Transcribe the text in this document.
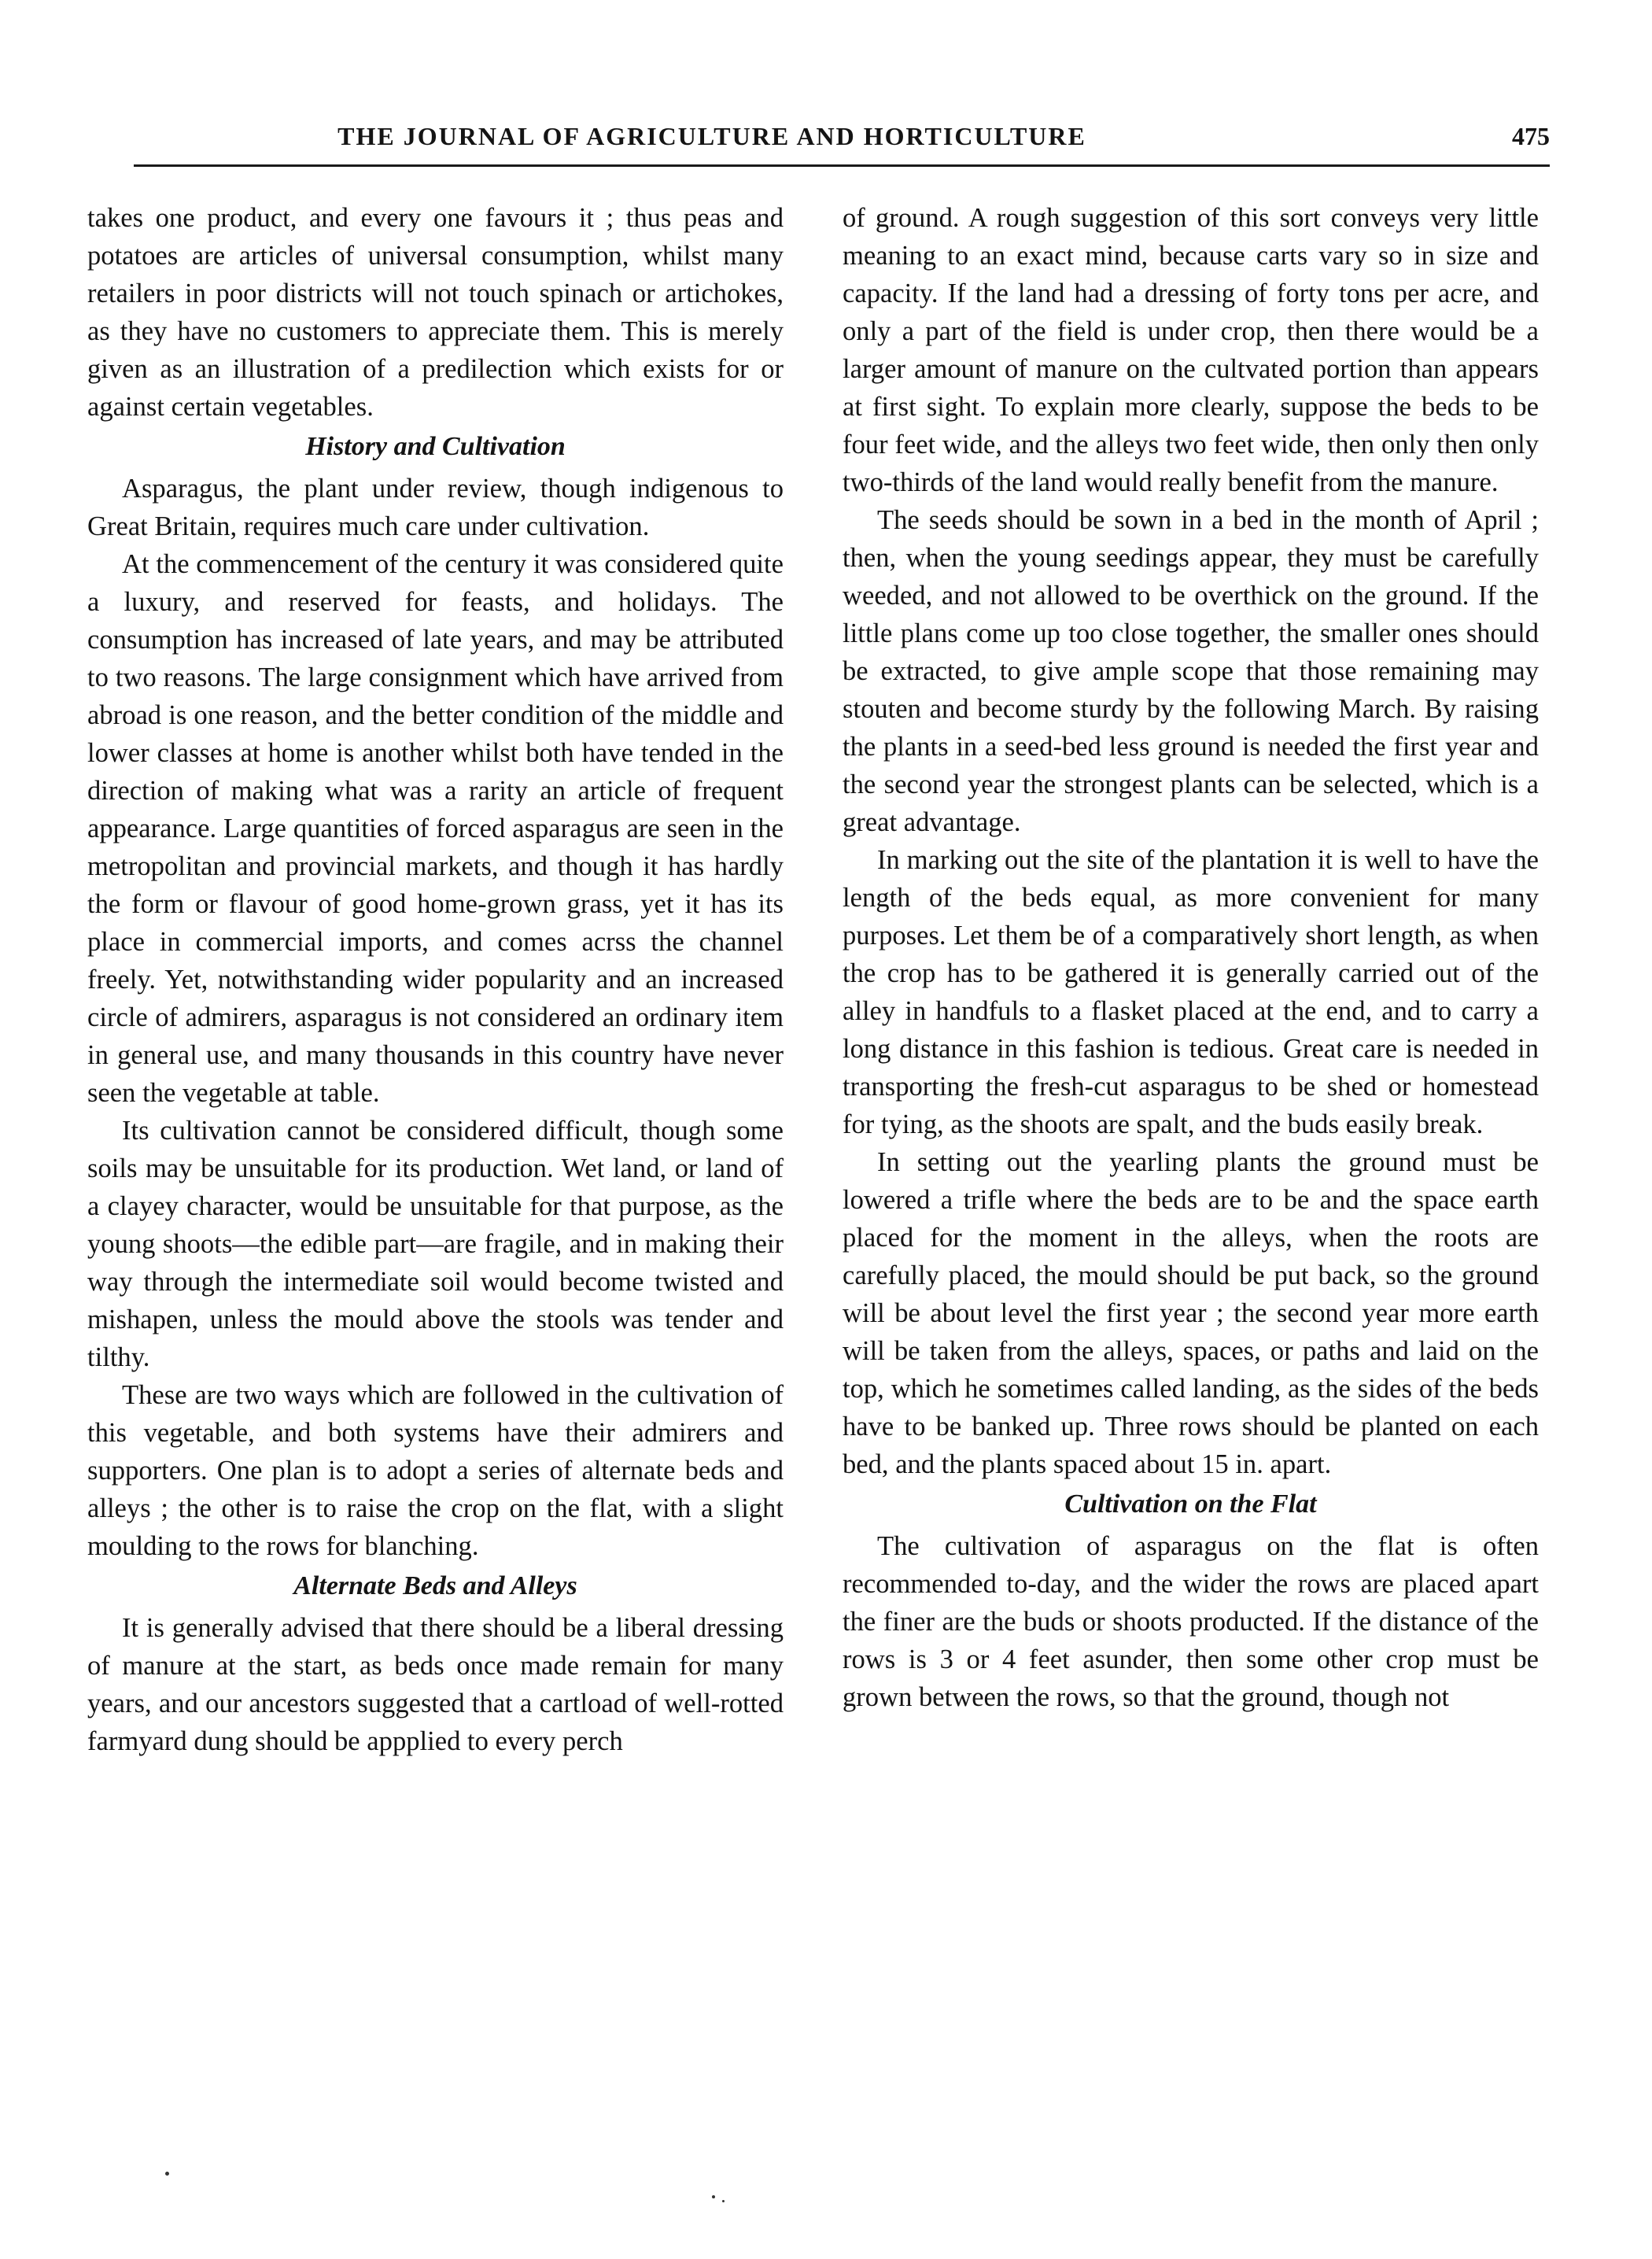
THE JOURNAL OF AGRICULTURE AND HORTICULTURE	475

takes one product, and every one favours it ; thus peas and potatoes are articles of universal consumption, whilst many retailers in poor districts will not touch spinach or artichokes, as they have no customers to appreciate them. This is merely given as an illustration of a predilection which exists for or against certain vegetables.

History and Cultivation

Asparagus, the plant under review, though indigenous to Great Britain, requires much care under cultivation.

At the commencement of the century it was considered quite a luxury, and reserved for feasts, and holidays. The consumption has increased of late years, and may be attributed to two reasons. The large consignment which have arrived from abroad is one reason, and the better condition of the middle and lower classes at home is another whilst both have tended in the direction of making what was a rarity an article of frequent appearance. Large quantities of forced asparagus are seen in the metropolitan and provincial markets, and though it has hardly the form or flavour of good home-grown grass, yet it has its place in commercial imports, and comes acrss the channel freely. Yet, notwithstanding wider popularity and an increased circle of admirers, asparagus is not considered an ordinary item in general use, and many thousands in this country have never seen the vegetable at table.

Its cultivation cannot be considered difficult, though some soils may be unsuitable for its production. Wet land, or land of a clayey character, would be unsuitable for that purpose, as the young shoots—the edible part—are fragile, and in making their way through the intermediate soil would become twisted and mishapen, unless the mould above the stools was tender and tilthy.

These are two ways which are followed in the cultivation of this vegetable, and both systems have their admirers and supporters. One plan is to adopt a series of alternate beds and alleys ; the other is to raise the crop on the flat, with a slight moulding to the rows for blanching.

Alternate Beds and Alleys

It is generally advised that there should be a liberal dressing of manure at the start, as beds once made remain for many years, and our ancestors suggested that a cartload of well-rotted farmyard dung should be appplied to every perch

of ground. A rough suggestion of this sort conveys very little meaning to an exact mind, because carts vary so in size and capacity. If the land had a dressing of forty tons per acre, and only a part of the field is under crop, then there would be a larger amount of manure on the cultvated portion than appears at first sight. To explain more clearly, suppose the beds to be four feet wide, and the alleys two feet wide, then only then only two-thirds of the land would really benefit from the manure.

The seeds should be sown in a bed in the month of April ; then, when the young seedings appear, they must be carefully weeded, and not allowed to be overthick on the ground. If the little plans come up too close together, the smaller ones should be extracted, to give ample scope that those remaining may stouten and become sturdy by the following March. By raising the plants in a seed-bed less ground is needed the first year and the second year the strongest plants can be selected, which is a great advantage.

In marking out the site of the plantation it is well to have the length of the beds equal, as more convenient for many purposes. Let them be of a comparatively short length, as when the crop has to be gathered it is generally carried out of the alley in handfuls to a flasket placed at the end, and to carry a long distance in this fashion is tedious. Great care is needed in transporting the fresh-cut asparagus to be shed or homestead for tying, as the shoots are spalt, and the buds easily break.

In setting out the yearling plants the ground must be lowered a trifle where the beds are to be and the space earth placed for the moment in the alleys, when the roots are carefully placed, the mould should be put back, so the ground will be about level the first year ; the second year more earth will be taken from the alleys, spaces, or paths and laid on the top, which he sometimes called landing, as the sides of the beds have to be banked up. Three rows should be planted on each bed, and the plants spaced about 15 in. apart.

Cultivation on the Flat

The cultivation of asparagus on the flat is often recommended to-day, and the wider the rows are placed apart the finer are the buds or shoots producted. If the distance of the rows is 3 or 4 feet asunder, then some other crop must be grown between the rows, so that the ground, though not
